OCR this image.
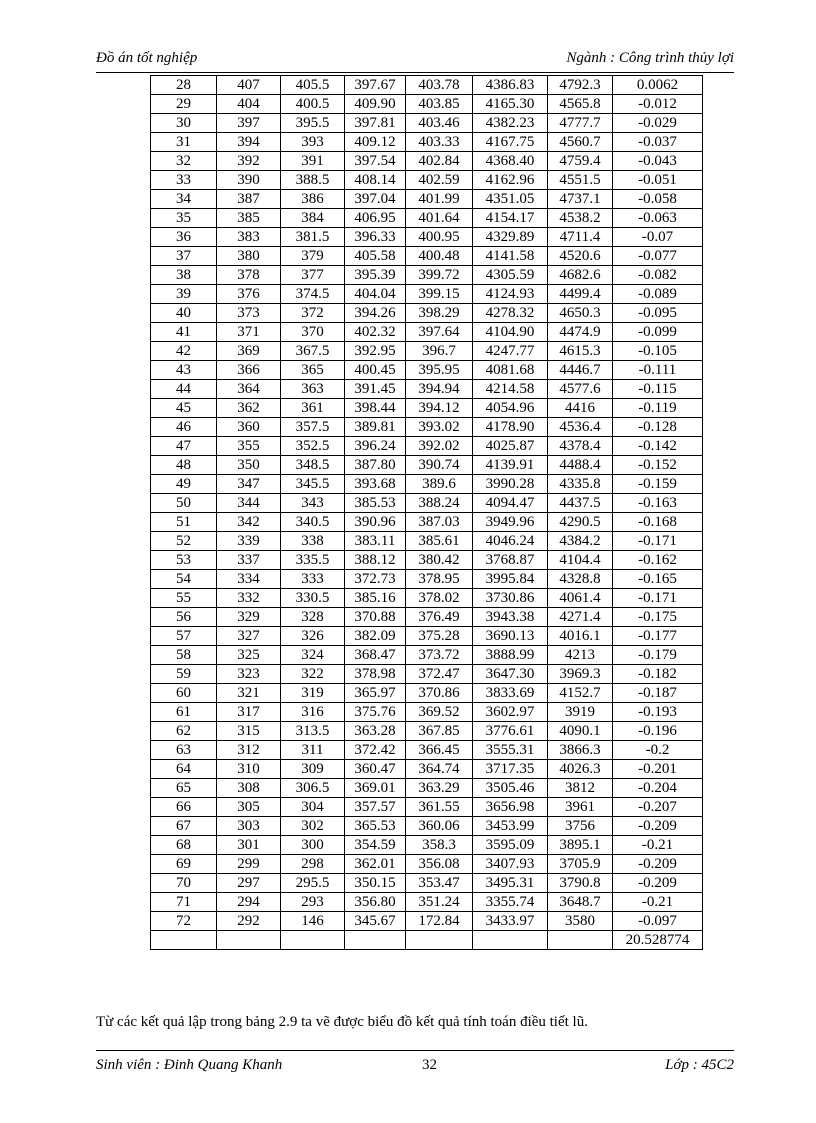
Đồ án tốt nghiệp	Ngành : Công trình thủy lợi
28	407	405.5	397.67	403.78	4386.83	4792.3	0.0062
29	404	400.5	409.90	403.85	4165.30	4565.8	-0.012
30	397	395.5	397.81	403.46	4382.23	4777.7	-0.029
31	394	393	409.12	403.33	4167.75	4560.7	-0.037
32	392	391	397.54	402.84	4368.40	4759.4	-0.043
33	390	388.5	408.14	402.59	4162.96	4551.5	-0.051
34	387	386	397.04	401.99	4351.05	4737.1	-0.058
35	385	384	406.95	401.64	4154.17	4538.2	-0.063
36	383	381.5	396.33	400.95	4329.89	4711.4	-0.07
37	380	379	405.58	400.48	4141.58	4520.6	-0.077
38	378	377	395.39	399.72	4305.59	4682.6	-0.082
39	376	374.5	404.04	399.15	4124.93	4499.4	-0.089
40	373	372	394.26	398.29	4278.32	4650.3	-0.095
41	371	370	402.32	397.64	4104.90	4474.9	-0.099
42	369	367.5	392.95	396.7	4247.77	4615.3	-0.105
43	366	365	400.45	395.95	4081.68	4446.7	-0.111
44	364	363	391.45	394.94	4214.58	4577.6	-0.115
45	362	361	398.44	394.12	4054.96	4416	-0.119
46	360	357.5	389.81	393.02	4178.90	4536.4	-0.128
47	355	352.5	396.24	392.02	4025.87	4378.4	-0.142
48	350	348.5	387.80	390.74	4139.91	4488.4	-0.152
49	347	345.5	393.68	389.6	3990.28	4335.8	-0.159
50	344	343	385.53	388.24	4094.47	4437.5	-0.163
51	342	340.5	390.96	387.03	3949.96	4290.5	-0.168
52	339	338	383.11	385.61	4046.24	4384.2	-0.171
53	337	335.5	388.12	380.42	3768.87	4104.4	-0.162
54	334	333	372.73	378.95	3995.84	4328.8	-0.165
55	332	330.5	385.16	378.02	3730.86	4061.4	-0.171
56	329	328	370.88	376.49	3943.38	4271.4	-0.175
57	327	326	382.09	375.28	3690.13	4016.1	-0.177
58	325	324	368.47	373.72	3888.99	4213	-0.179
59	323	322	378.98	372.47	3647.30	3969.3	-0.182
60	321	319	365.97	370.86	3833.69	4152.7	-0.187
61	317	316	375.76	369.52	3602.97	3919	-0.193
62	315	313.5	363.28	367.85	3776.61	4090.1	-0.196
63	312	311	372.42	366.45	3555.31	3866.3	-0.2
64	310	309	360.47	364.74	3717.35	4026.3	-0.201
65	308	306.5	369.01	363.29	3505.46	3812	-0.204
66	305	304	357.57	361.55	3656.98	3961	-0.207
67	303	302	365.53	360.06	3453.99	3756	-0.209
68	301	300	354.59	358.3	3595.09	3895.1	-0.21
69	299	298	362.01	356.08	3407.93	3705.9	-0.209
70	297	295.5	350.15	353.47	3495.31	3790.8	-0.209
71	294	293	356.80	351.24	3355.74	3648.7	-0.21
72	292	146	345.67	172.84	3433.97	3580	-0.097
							20.528774
Từ các kết quả lập trong bảng 2.9 ta vẽ được biểu đồ kết quả tính toán điều tiết lũ.
Sinh viên : Đinh Quang Khanh	32	Lớp : 45C2
